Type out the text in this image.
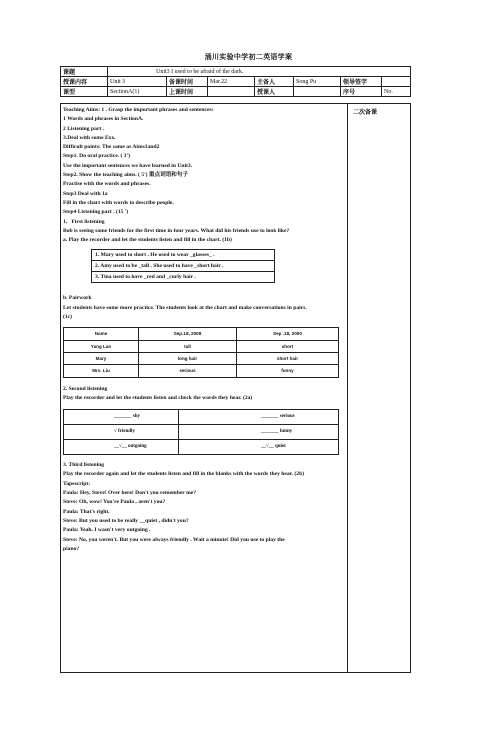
涌川实验中学初二英语学案
课题	Unit3 I used to be afraid of the dark.						
授课内容	Unit 3	备课时间	Mar.22	主备人	Song Pu	领导签字	
课型	SectionA(1)	上课时间		授课人		序号	No.
二次备课

Teaching Aims: 1 . Grasp the important phrases and sentences:

1 Words and phrases in SectionA.

2 Listening part .

3.Deal with some Exx.

Difficult points: The same as Aims1and2

Step1. Do oral practice. ( 3')

Use the important sentences we have learned in Unit3.

Step2. Show the teaching aims. ( 5') 重点词语和句子

Practise with the words and phrases.

Step3 Deal with 1a

Fill in the chart with words to describe people.

Step4 Listening part . (15 ')

1．First listening

Bob is seeing some friends for the first time in four years. What did his friends use to look like?

a. Play the recorder and let the students listen and fill in the chart. (1b)

1. Mary used to short . He used to wear _glasses_ .
2. Amy used to be _tall . She used to have _short hair .
3. Tina used to have _red and _curly hair .

b. Pairwork

Let students have some more practice. The students look at the chart and make conversations in pairs.

(1c)

Name	Sep.18, 2008	Sep .18, 2000
Yang Lan	tall	short
Mary	long hair	short hair
Mrs. Liu	serious	funny

2. Second listening

Play the recorder and let the students listen and check the words they hear. (2a)

_______ shy	_______ serious
√ friendly	_______ funny
__√__ outgoing	__√__ quiet

3. Third listening

Play the recorder again and let the students listen and fill in the blanks with the words they hear. (2b)

Tapescript:

Paula: Hey, Steve! Over here! Don't you remember me?

Steve: Oh, wow! You're Paula , aren't you?

Paula: That's right.

Steve: But you used to be really __quiet , didn't you?

Paula: Yeah. I wasn't very outgoing .

Steve: No, you weren't. But you were always friendly . Wait a minute! Did you use to play the

piano?
